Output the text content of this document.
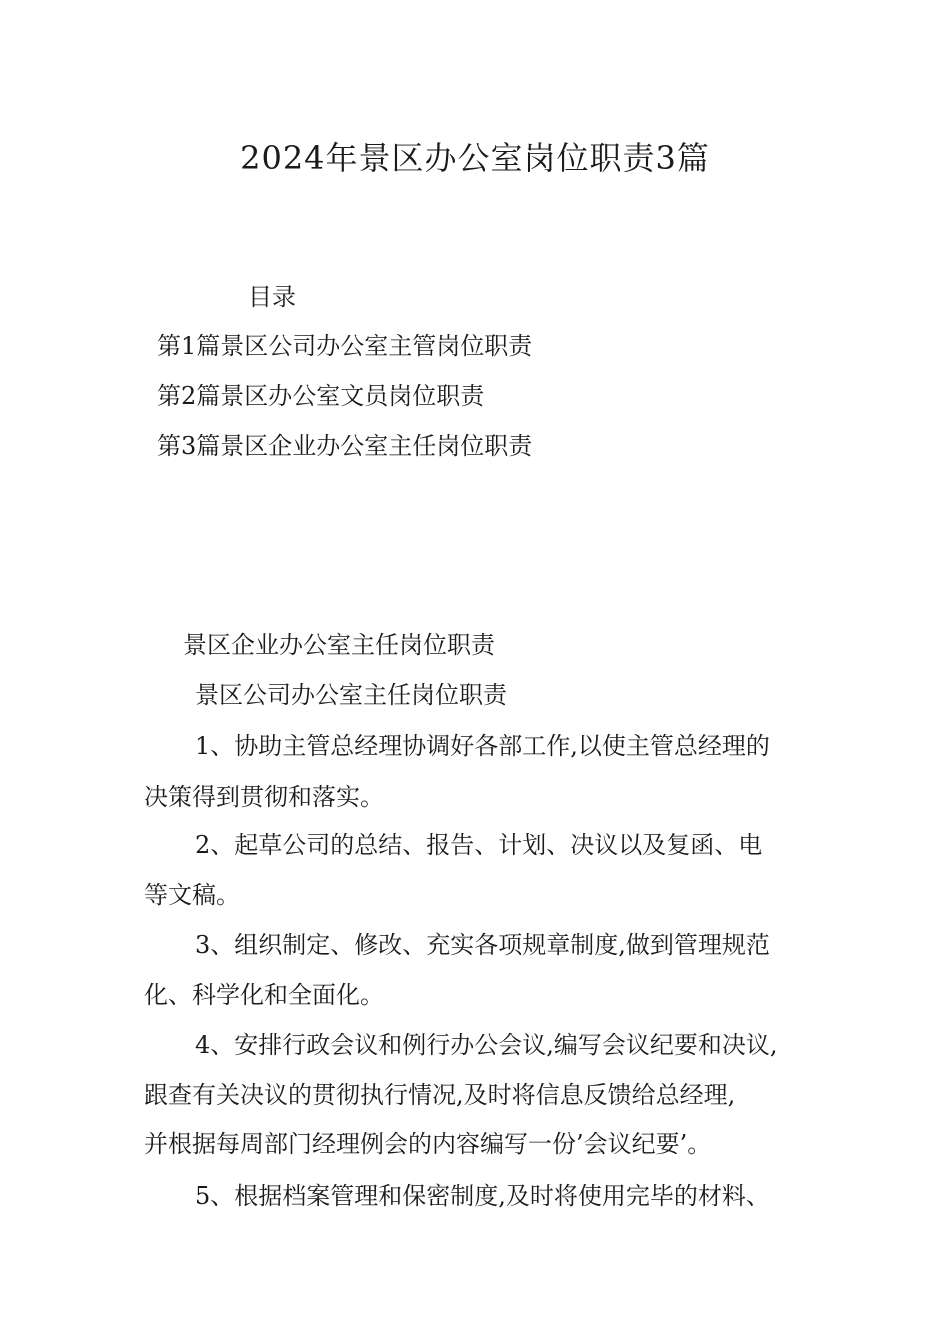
2024年景区办公室岗位职责3篇
目录
第1篇景区公司办公室主管岗位职责
第2篇景区办公室文员岗位职责
第3篇景区企业办公室主任岗位职责
景区企业办公室主任岗位职责
景区公司办公室主任岗位职责
1、协助主管总经理协调好各部工作,以使主管总经理的
决策得到贯彻和落实。
2、起草公司的总结、报告、计划、决议以及复函、电
等文稿。
3、组织制定、修改、充实各项规章制度,做到管理规范
化、科学化和全面化。
4、安排行政会议和例行办公会议,编写会议纪要和决议,
跟查有关决议的贯彻执行情况,及时将信息反馈给总经理,
并根据每周部门经理例会的内容编写一份’会议纪要’。
5、根据档案管理和保密制度,及时将使用完毕的材料、
